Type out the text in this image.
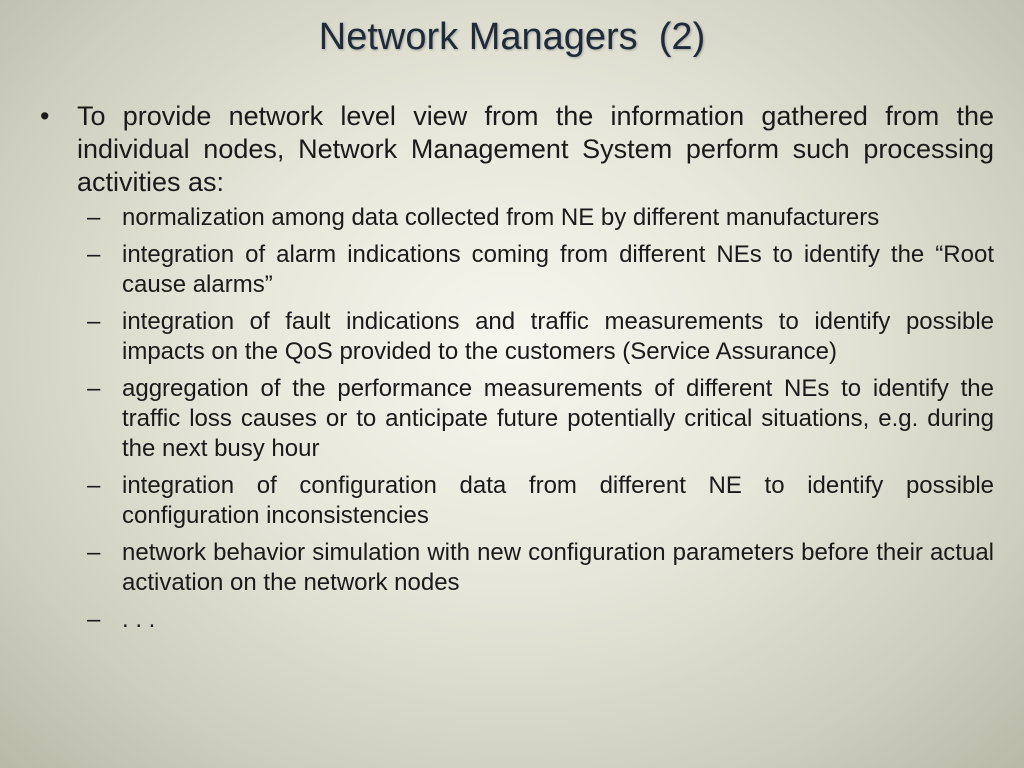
Network Managers  (2)
•	To provide network level view from the information gathered from the individual nodes, Network Management System perform such processing activities as:
– normalization among data collected from NE by different manufacturers
– integration of alarm indications coming from different NEs to identify the “Root cause alarms”
– integration of fault indications and traffic measurements to identify possible impacts on the QoS provided to the customers (Service Assurance)
– aggregation of the performance measurements of different NEs to identify the traffic loss causes or to anticipate future potentially critical situations, e.g. during the next busy hour
– integration of configuration data from different NE to identify possible configuration inconsistencies
– network behavior simulation with new configuration parameters before their actual activation on the network nodes
– . . .
